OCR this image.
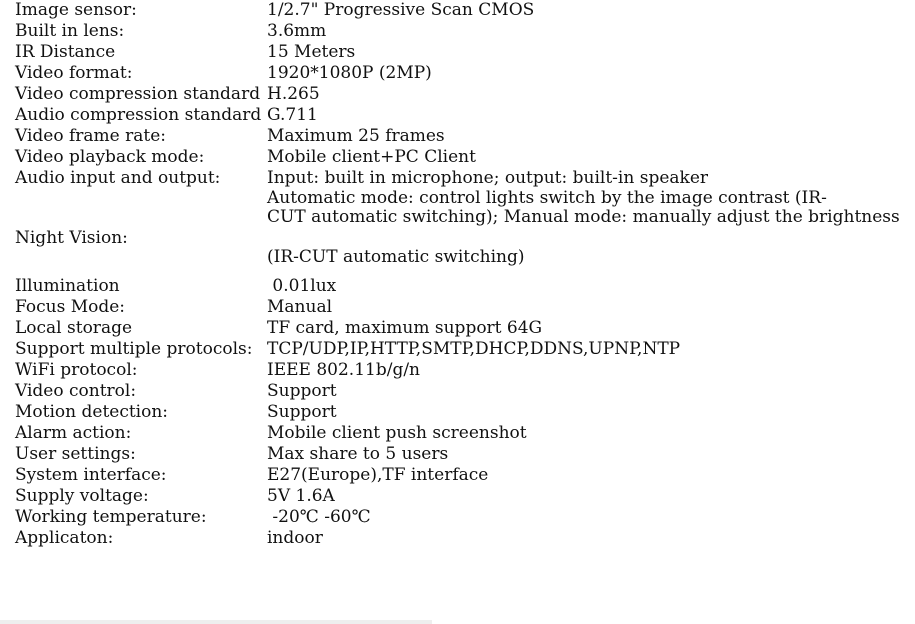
Image sensor:	1/2.7" Progressive Scan CMOS
Built in lens:	3.6mm
IR Distance	15 Meters
Video format:	1920*1080P (2MP)
Video compression standard H.265
Audio compression standard G.711
Video frame rate:	Maximum 25 frames
Video playback mode:	Mobile client+PC Client
Audio input and output:	Input: built in microphone; output: built-in speaker
Automatic mode: control lights switch by the image contrast (IR-
CUT automatic switching); Manual mode: manually adjust the brightness
Night Vision:
(IR-CUT automatic switching)
Illumination	0.01lux
Focus Mode:	Manual
Local storage	TF card, maximum support 64G
Support multiple protocols: TCP/UDP,IP,HTTP,SMTP,DHCP,DDNS,UPNP,NTP
WiFi protocol:	IEEE 802.11b/g/n
Video control:	Support
Motion detection:	Support
Alarm action:	Mobile client push screenshot
User settings:	Max share to 5 users
System interface:	E27(Europe),TF interface
Supply voltage:	5V 1.6A
Working temperature:	-20℃ -60℃
Applicaton:	indoor
